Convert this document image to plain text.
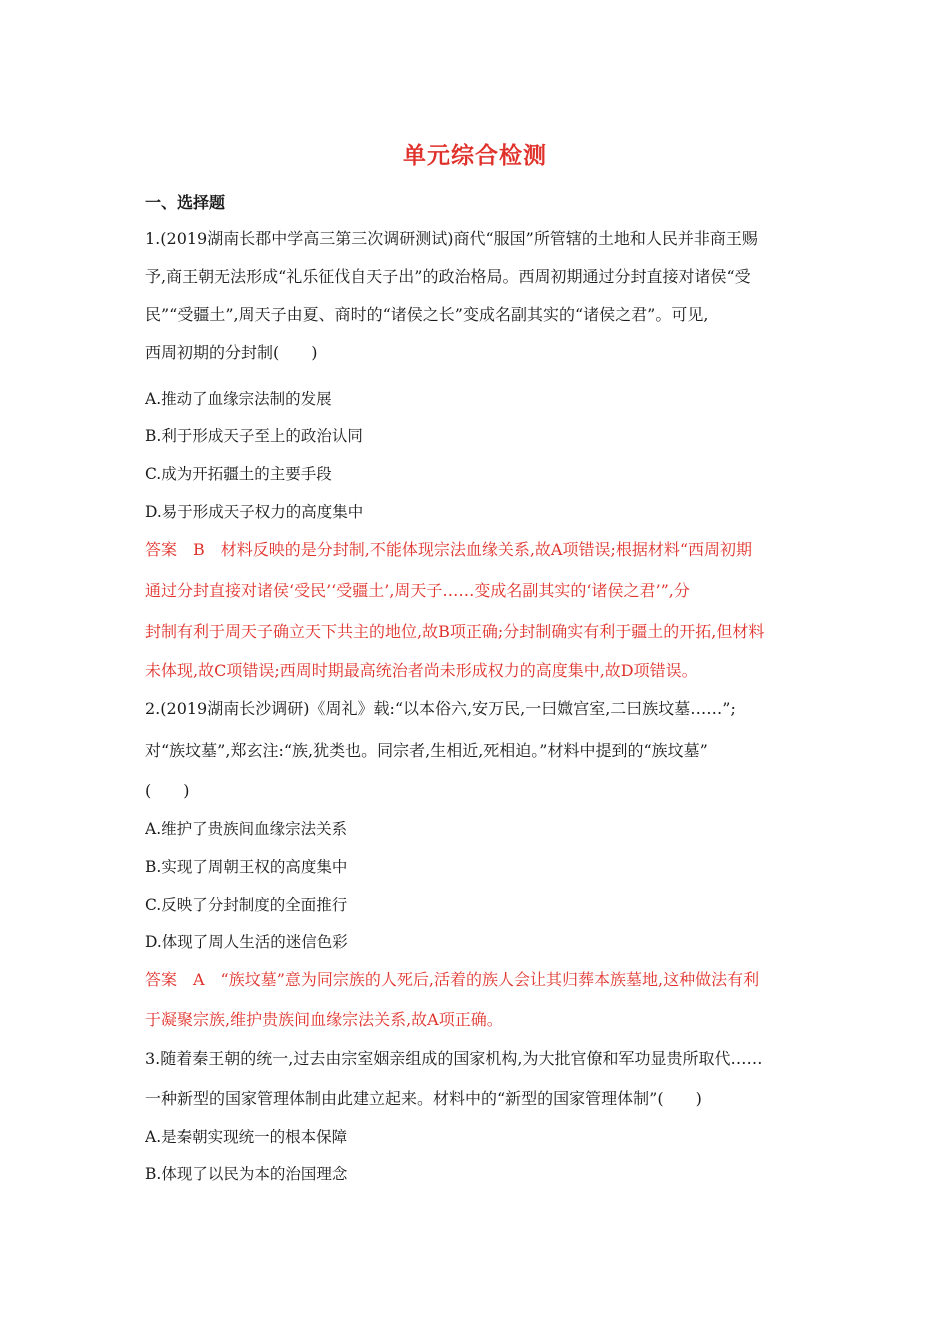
单元综合检测
一、选择题
1.(2019湖南长郡中学高三第三次调研测试)商代“服国”所管辖的土地和人民并非商王赐
予,商王朝无法形成“礼乐征伐自天子出”的政治格局。西周初期通过分封直接对诸侯“受
民”“受疆土”,周天子由夏、商时的“诸侯之长”变成名副其实的“诸侯之君”。可见,
西周初期的分封制(　　)
A.推动了血缘宗法制的发展
B.利于形成天子至上的政治认同
C.成为开拓疆土的主要手段
D.易于形成天子权力的高度集中
答案　B　材料反映的是分封制,不能体现宗法血缘关系,故A项错误;根据材料“西周初期
通过分封直接对诸侯‘受民’‘受疆土’,周天子……变成名副其实的‘诸侯之君’”,分
封制有利于周天子确立天下共主的地位,故B项正确;分封制确实有利于疆土的开拓,但材料
未体现,故C项错误;西周时期最高统治者尚未形成权力的高度集中,故D项错误。
2.(2019湖南长沙调研)《周礼》载:“以本俗六,安万民,一曰媺宫室,二曰族坟墓……”;
对“族坟墓”,郑玄注:“族,犹类也。同宗者,生相近,死相迫。”材料中提到的“族坟墓”
(　　)
A.维护了贵族间血缘宗法关系
B.实现了周朝王权的高度集中
C.反映了分封制度的全面推行
D.体现了周人生活的迷信色彩
答案　A　“族坟墓”意为同宗族的人死后,活着的族人会让其归葬本族墓地,这种做法有利
于凝聚宗族,维护贵族间血缘宗法关系,故A项正确。
3.随着秦王朝的统一,过去由宗室姻亲组成的国家机构,为大批官僚和军功显贵所取代……
一种新型的国家管理体制由此建立起来。材料中的“新型的国家管理体制”(　　)
A.是秦朝实现统一的根本保障
B.体现了以民为本的治国理念
